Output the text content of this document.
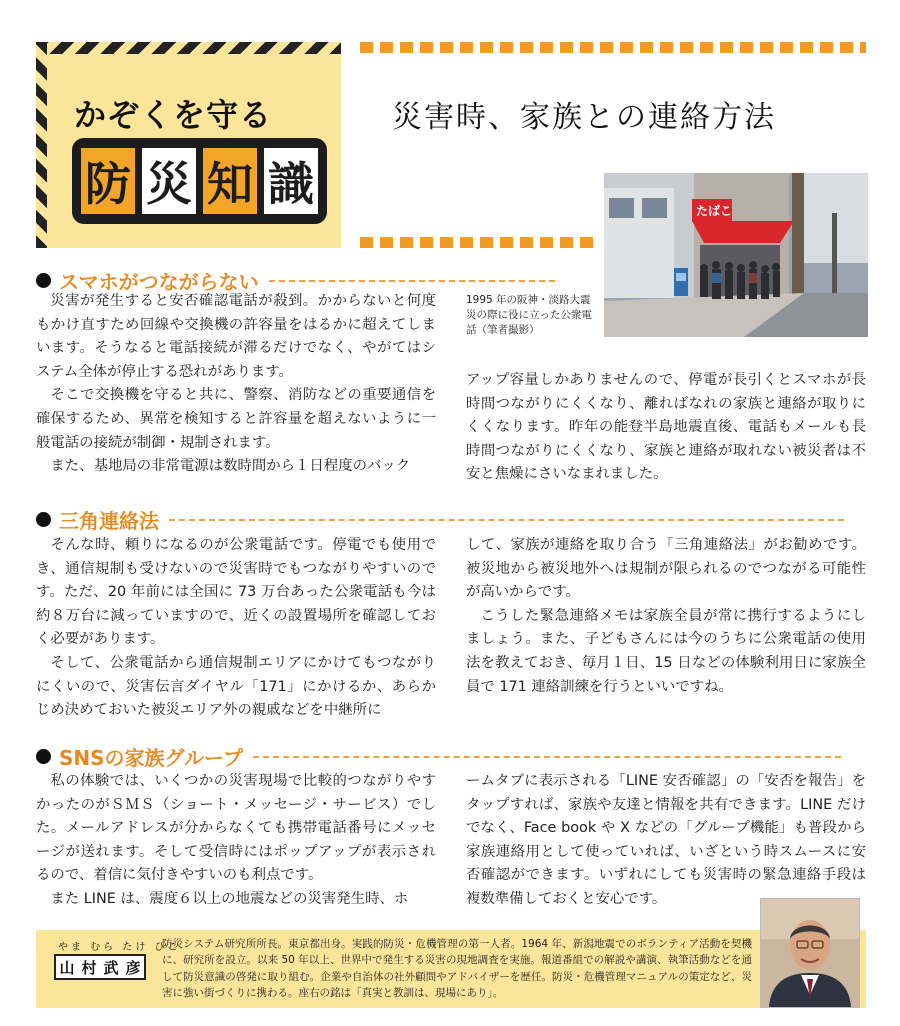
かぞくを守る
防 災 知 識
災害時、家族との連絡方法
たばこ
1995 年の阪神・淡路大震災の際に役に立った公衆電話（筆者撮影）
スマホがつながらない

災害が発生すると安否確認電話が殺到。かからないと何度もかけ直すため回線や交換機の許容量をはるかに超えてしまいます。そうなると電話接続が滞るだけでなく、やがてはシステム全体が停止する恐れがあります。

そこで交換機を守ると共に、警察、消防などの重要通信を確保するため、異常を検知すると許容量を超えないように一般電話の接続が制御・規制されます。

また、基地局の非常電源は数時間から１日程度のバック

アップ容量しかありませんので、停電が長引くとスマホが長時間つながりにくくなり、離ればなれの家族と連絡が取りにくくなります。昨年の能登半島地震直後、電話もメールも長時間つながりにくくなり、家族と連絡が取れない被災者は不安と焦燥にさいなまれました。

三角連絡法

そんな時、頼りになるのが公衆電話です。停電でも使用でき、通信規制も受けないので災害時でもつながりやすいのです。ただ、20 年前には全国に 73 万台あった公衆電話も今は約８万台に減っていますので、近くの設置場所を確認しておく必要があります。

そして、公衆電話から通信規制エリアにかけてもつながりにくいので、災害伝言ダイヤル「171」にかけるか、あらかじめ決めておいた被災エリア外の親戚などを中継所に

して、家族が連絡を取り合う「三角連絡法」がお勧めです。被災地から被災地外へは規制が限られるのでつながる可能性が高いからです。

こうした緊急連絡メモは家族全員が常に携行するようにしましょう。また、子どもさんには今のうちに公衆電話の使用法を教えておき、毎月１日、15 日などの体験利用日に家族全員で 171 連絡訓練を行うといいですね。

SNSの家族グループ

私の体験では、いくつかの災害現場で比較的つながりやすかったのがＳＭＳ（ショート・メッセージ・サービス）でした。メールアドレスが分からなくても携帯電話番号にメッセージが送れます。そして受信時にはポップアップが表示されるので、着信に気付きやすいのも利点です。

また LINE は、震度６以上の地震などの災害発生時、ホ

ームタブに表示される「LINE 安否確認」の「安否を報告」をタップすれば、家族や友達と情報を共有できます。LINE だけでなく、Face book や X などの「グループ機能」も普段から家族連絡用として使っていれば、いざという時スムースに安否確認ができます。いずれにしても災害時の緊急連絡手段は複数準備しておくと安心です。

やま むら たけ ひこ
山 村 武 彦
防災システム研究所所長。東京都出身。実践的防災・危機管理の第一人者。1964 年、新潟地震でのボランティア活動を契機に、研究所を設立。以来 50 年以上、世界中で発生する災害の現地調査を実施。報道番組での解説や講演、執筆活動などを通して防災意識の啓発に取り組む。企業や自治体の社外顧問やアドバイザーを歴任。防災・危機管理マニュアルの策定など、災害に強い街づくりに携わる。座右の銘は「真実と教訓は、現場にあり」。
